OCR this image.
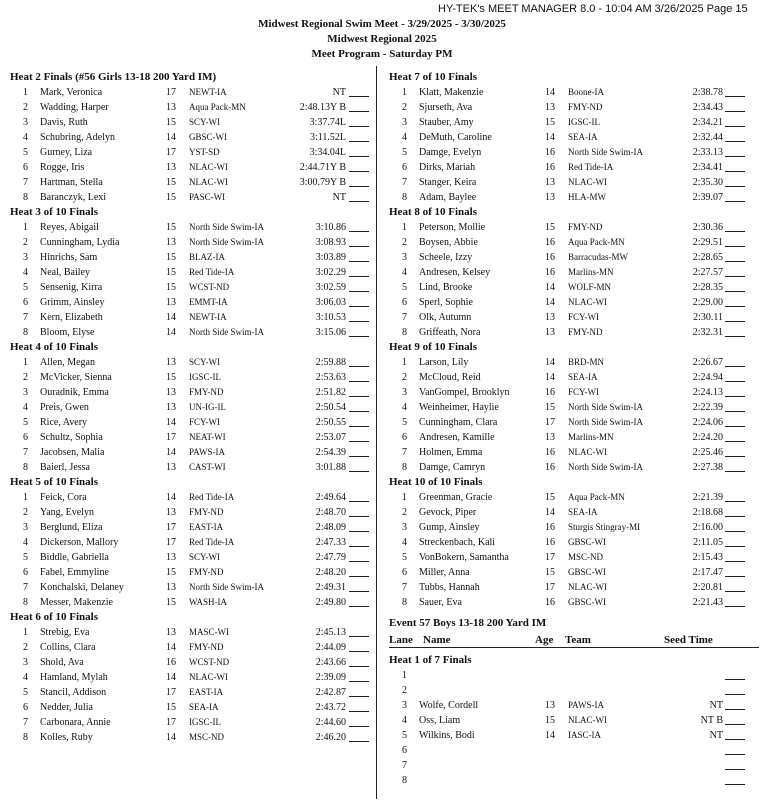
HY-TEK's MEET MANAGER 8.0 - 10:04 AM 3/26/2025 Page 15
Midwest Regional Swim Meet - 3/29/2025 - 3/30/2025
Midwest Regional 2025
Meet Program - Saturday PM
Heat 2 Finals (#56 Girls 13-18 200 Yard IM)
1 Mark, Veronica	17 NEWT-IA	NT
2 Wadding, Harper	13 Aqua Pack-MN	2:48.13Y B
3 Davis, Ruth	15 SCY-WI	3:37.74L
4 Schubring, Adelyn	14 GBSC-WI	3:11.52L
5 Gurney, Liza	17 YST-SD	3:34.04L
6 Rogge, Iris	13 NLAC-WI	2:44.71Y B
7 Hartman, Stella	15 NLAC-WI	3:00.79Y B
8 Baranczyk, Lexi	15 PASC-WI	NT
Heat 3 of 10 Finals
1 Reyes, Abigail	15 North Side Swim-IA	3:10.86
2 Cunningham, Lydia	13 North Side Swim-IA	3:08.93
3 Hinrichs, Sam	15 BLAZ-IA	3:03.89
4 Neal, Bailey	15 Red Tide-IA	3:02.29
5 Sensenig, Kirra	15 WCST-ND	3:02.59
6 Grimm, Ainsley	13 EMMT-IA	3:06.03
7 Kern, Elizabeth	14 NEWT-IA	3:10.53
8 Bloom, Elyse	14 North Side Swim-IA	3:15.06
Heat 4 of 10 Finals
1 Allen, Megan	13 SCY-WI	2:59.88
2 McVicker, Sienna	15 IGSC-IL	2:53.63
3 Ouradnik, Emma	13 FMY-ND	2:51.82
4 Preis, Gwen	13 UN-IG-IL	2:50.54
5 Rice, Avery	14 FCY-WI	2:50.55
6 Schultz, Sophia	17 NEAT-WI	2:53.07
7 Jacobsen, Malia	14 PAWS-IA	2:54.39
8 Baierl, Jessa	13 CAST-WI	3:01.88
Heat 5 of 10 Finals
1 Feick, Cora	14 Red Tide-IA	2:49.64
2 Yang, Evelyn	13 FMY-ND	2:48.70
3 Berglund, Eliza	17 EAST-IA	2:48.09
4 Dickerson, Mallory	17 Red Tide-IA	2:47.33
5 Biddle, Gabriella	13 SCY-WI	2:47.79
6 Fabel, Emmyline	15 FMY-ND	2:48.20
7 Konchalski, Delaney	13 North Side Swim-IA	2:49.31
8 Messer, Makenzie	15 WASH-IA	2:49.80
Heat 6 of 10 Finals
1 Strebig, Eva	13 MASC-WI	2:45.13
2 Collins, Clara	14 FMY-ND	2:44.09
3 Shold, Ava	16 WCST-ND	2:43.66
4 Hamland, Mylah	14 NLAC-WI	2:39.09
5 Stancil, Addison	17 EAST-IA	2:42.87
6 Nedder, Julia	15 SEA-IA	2:43.72
7 Carbonara, Annie	17 IGSC-IL	2:44.60
8 Kolles, Ruby	14 MSC-ND	2:46.20
Heat 7 of 10 Finals
1 Klatt, Makenzie	14 Boone-IA	2:38.78
2 Sjurseth, Ava	13 FMY-ND	2:34.43
3 Stauber, Amy	15 IGSC-IL	2:34.21
4 DeMuth, Caroline	14 SEA-IA	2:32.44
5 Damge, Evelyn	16 North Side Swim-IA	2:33.13
6 Dirks, Mariah	16 Red Tide-IA	2:34.41
7 Stanger, Keira	13 NLAC-WI	2:35.30
8 Adam, Baylee	13 HLA-MW	2:39.07
Heat 8 of 10 Finals
1 Peterson, Mollie	15 FMY-ND	2:30.36
2 Boysen, Abbie	16 Aqua Pack-MN	2:29.51
3 Scheele, Izzy	16 Barracudas-MW	2:28.65
4 Andresen, Kelsey	16 Marlins-MN	2:27.57
5 Lind, Brooke	14 WOLF-MN	2:28.35
6 Sperl, Sophie	14 NLAC-WI	2:29.00
7 Olk, Autumn	13 FCY-WI	2:30.11
8 Griffeath, Nora	13 FMY-ND	2:32.31
Heat 9 of 10 Finals
1 Larson, Lily	14 BRD-MN	2:26.67
2 McCloud, Reid	14 SEA-IA	2:24.94
3 VanGompel, Brooklyn	16 FCY-WI	2:24.13
4 Weinheimer, Haylie	15 North Side Swim-IA	2:22.39
5 Cunningham, Clara	17 North Side Swim-IA	2:24.06
6 Andresen, Kamille	13 Marlins-MN	2:24.20
7 Holmen, Emma	16 NLAC-WI	2:25.46
8 Damge, Camryn	16 North Side Swim-IA	2:27.38
Heat 10 of 10 Finals
1 Greenman, Gracie	15 Aqua Pack-MN	2:21.39
2 Gevock, Piper	14 SEA-IA	2:18.68
3 Gump, Ainsley	16 Sturgis Stingray-MI	2:16.00
4 Streckenbach, Kali	16 GBSC-WI	2:11.05
5 VonBokern, Samantha	17 MSC-ND	2:15.43
6 Miller, Anna	15 GBSC-WI	2:17.47
7 Tubbs, Hannah	17 NLAC-WI	2:20.81
8 Sauer, Eva	16 GBSC-WI	2:21.43
Event 57 Boys 13-18 200 Yard IM
Lane Name	Age Team	Seed Time
Heat 1 of 7 Finals
1
2
3 Wolfe, Cordell	13 PAWS-IA	NT
4 Oss, Liam	15 NLAC-WI	NT B
5 Wilkins, Bodi	14 IASC-IA	NT
6
7
8
